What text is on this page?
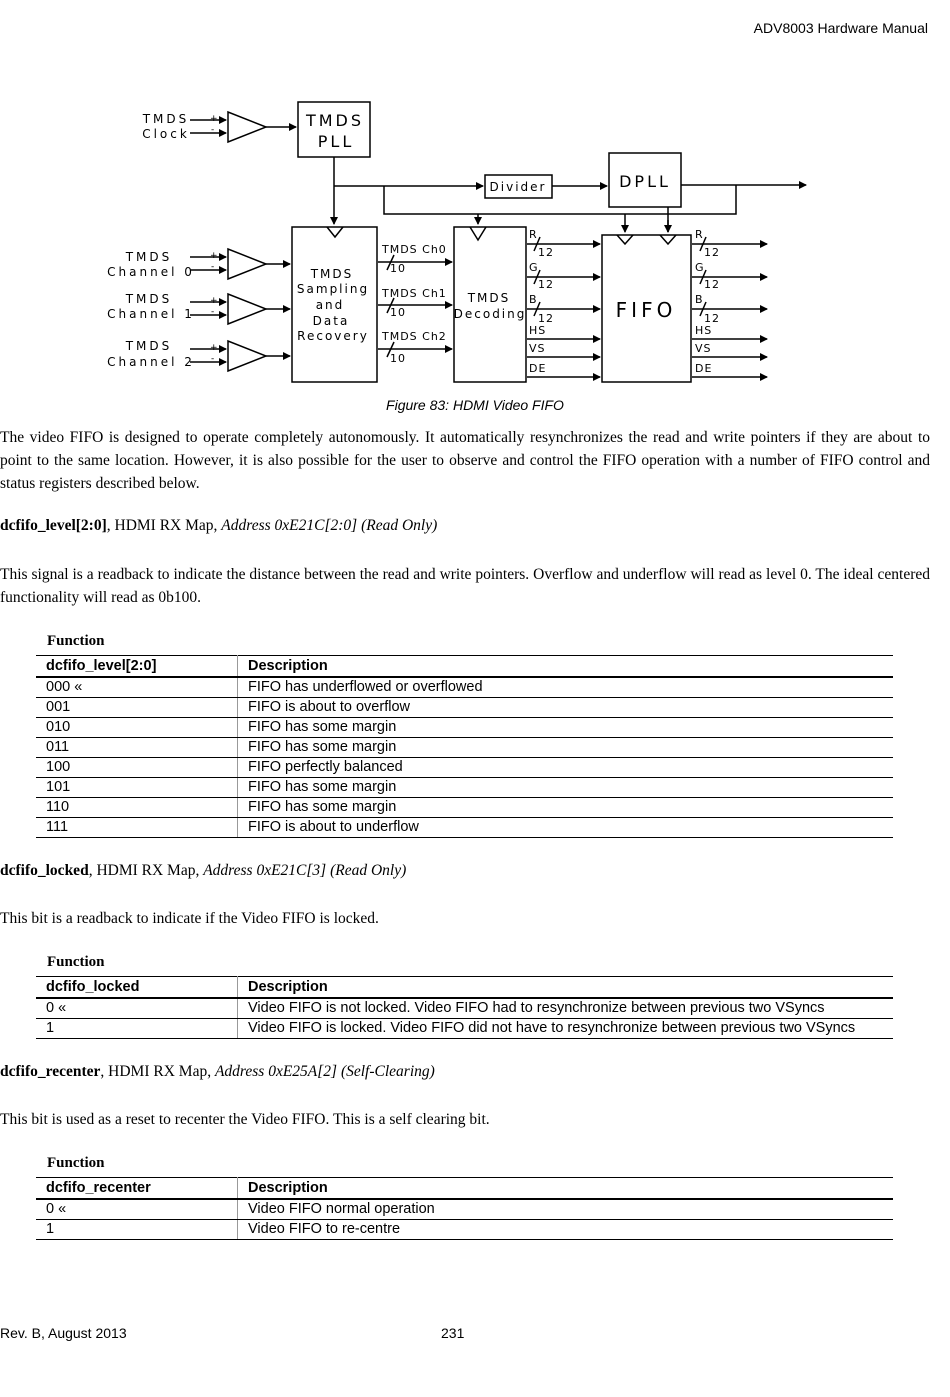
ADV8003 Hardware Manual
TMDS
Clock
TMDS
Channel 0
TMDS
Channel 1
TMDS
Channel 2
+
-
+
-
+
-
+
-
TMDS
PLL
Divider	DPLL
TMDS
Sampling
and
Data
Recovery
TMDS
Decoding	FIFO
TMDS Ch0
TMDS Ch1
TMDS Ch2
10
10
10
R
12
G
12
B
12
HS
VS
DE
R
12
G
12
B
12
HS
VS
DE
Figure 83: HDMI Video FIFO

The video FIFO is designed to operate completely autonomously. It automatically resynchronizes the read and write pointers if they are about to point to the same location. However, it is also possible for the user to observe and control the FIFO operation with a number of FIFO control and status registers described below.

dcfifo_level[2:0], HDMI RX Map, Address 0xE21C[2:0] (Read Only)

This signal is a readback to indicate the distance between the read and write pointers. Overflow and underflow will read as level 0. The ideal centered functionality will read as 0b100.

Function
dcfifo_level[2:0]	Description
000 «	FIFO has underflowed or overflowed
001	FIFO is about to overflow
010	FIFO has some margin
011	FIFO has some margin
100	FIFO perfectly balanced
101	FIFO has some margin
110	FIFO has some margin
111	FIFO is about to underflow

dcfifo_locked, HDMI RX Map, Address 0xE21C[3] (Read Only)

This bit is a readback to indicate if the Video FIFO is locked.

Function
dcfifo_locked	Description
0 «	Video FIFO is not locked. Video FIFO had to resynchronize between previous two VSyncs
1	Video FIFO is locked. Video FIFO did not have to resynchronize between previous two VSyncs

dcfifo_recenter, HDMI RX Map, Address 0xE25A[2] (Self-Clearing)

This bit is used as a reset to recenter the Video FIFO. This is a self clearing bit.

Function
dcfifo_recenter	Description
0 «	Video FIFO normal operation
1	Video FIFO to re-centre
Rev. B, August 2013	231
